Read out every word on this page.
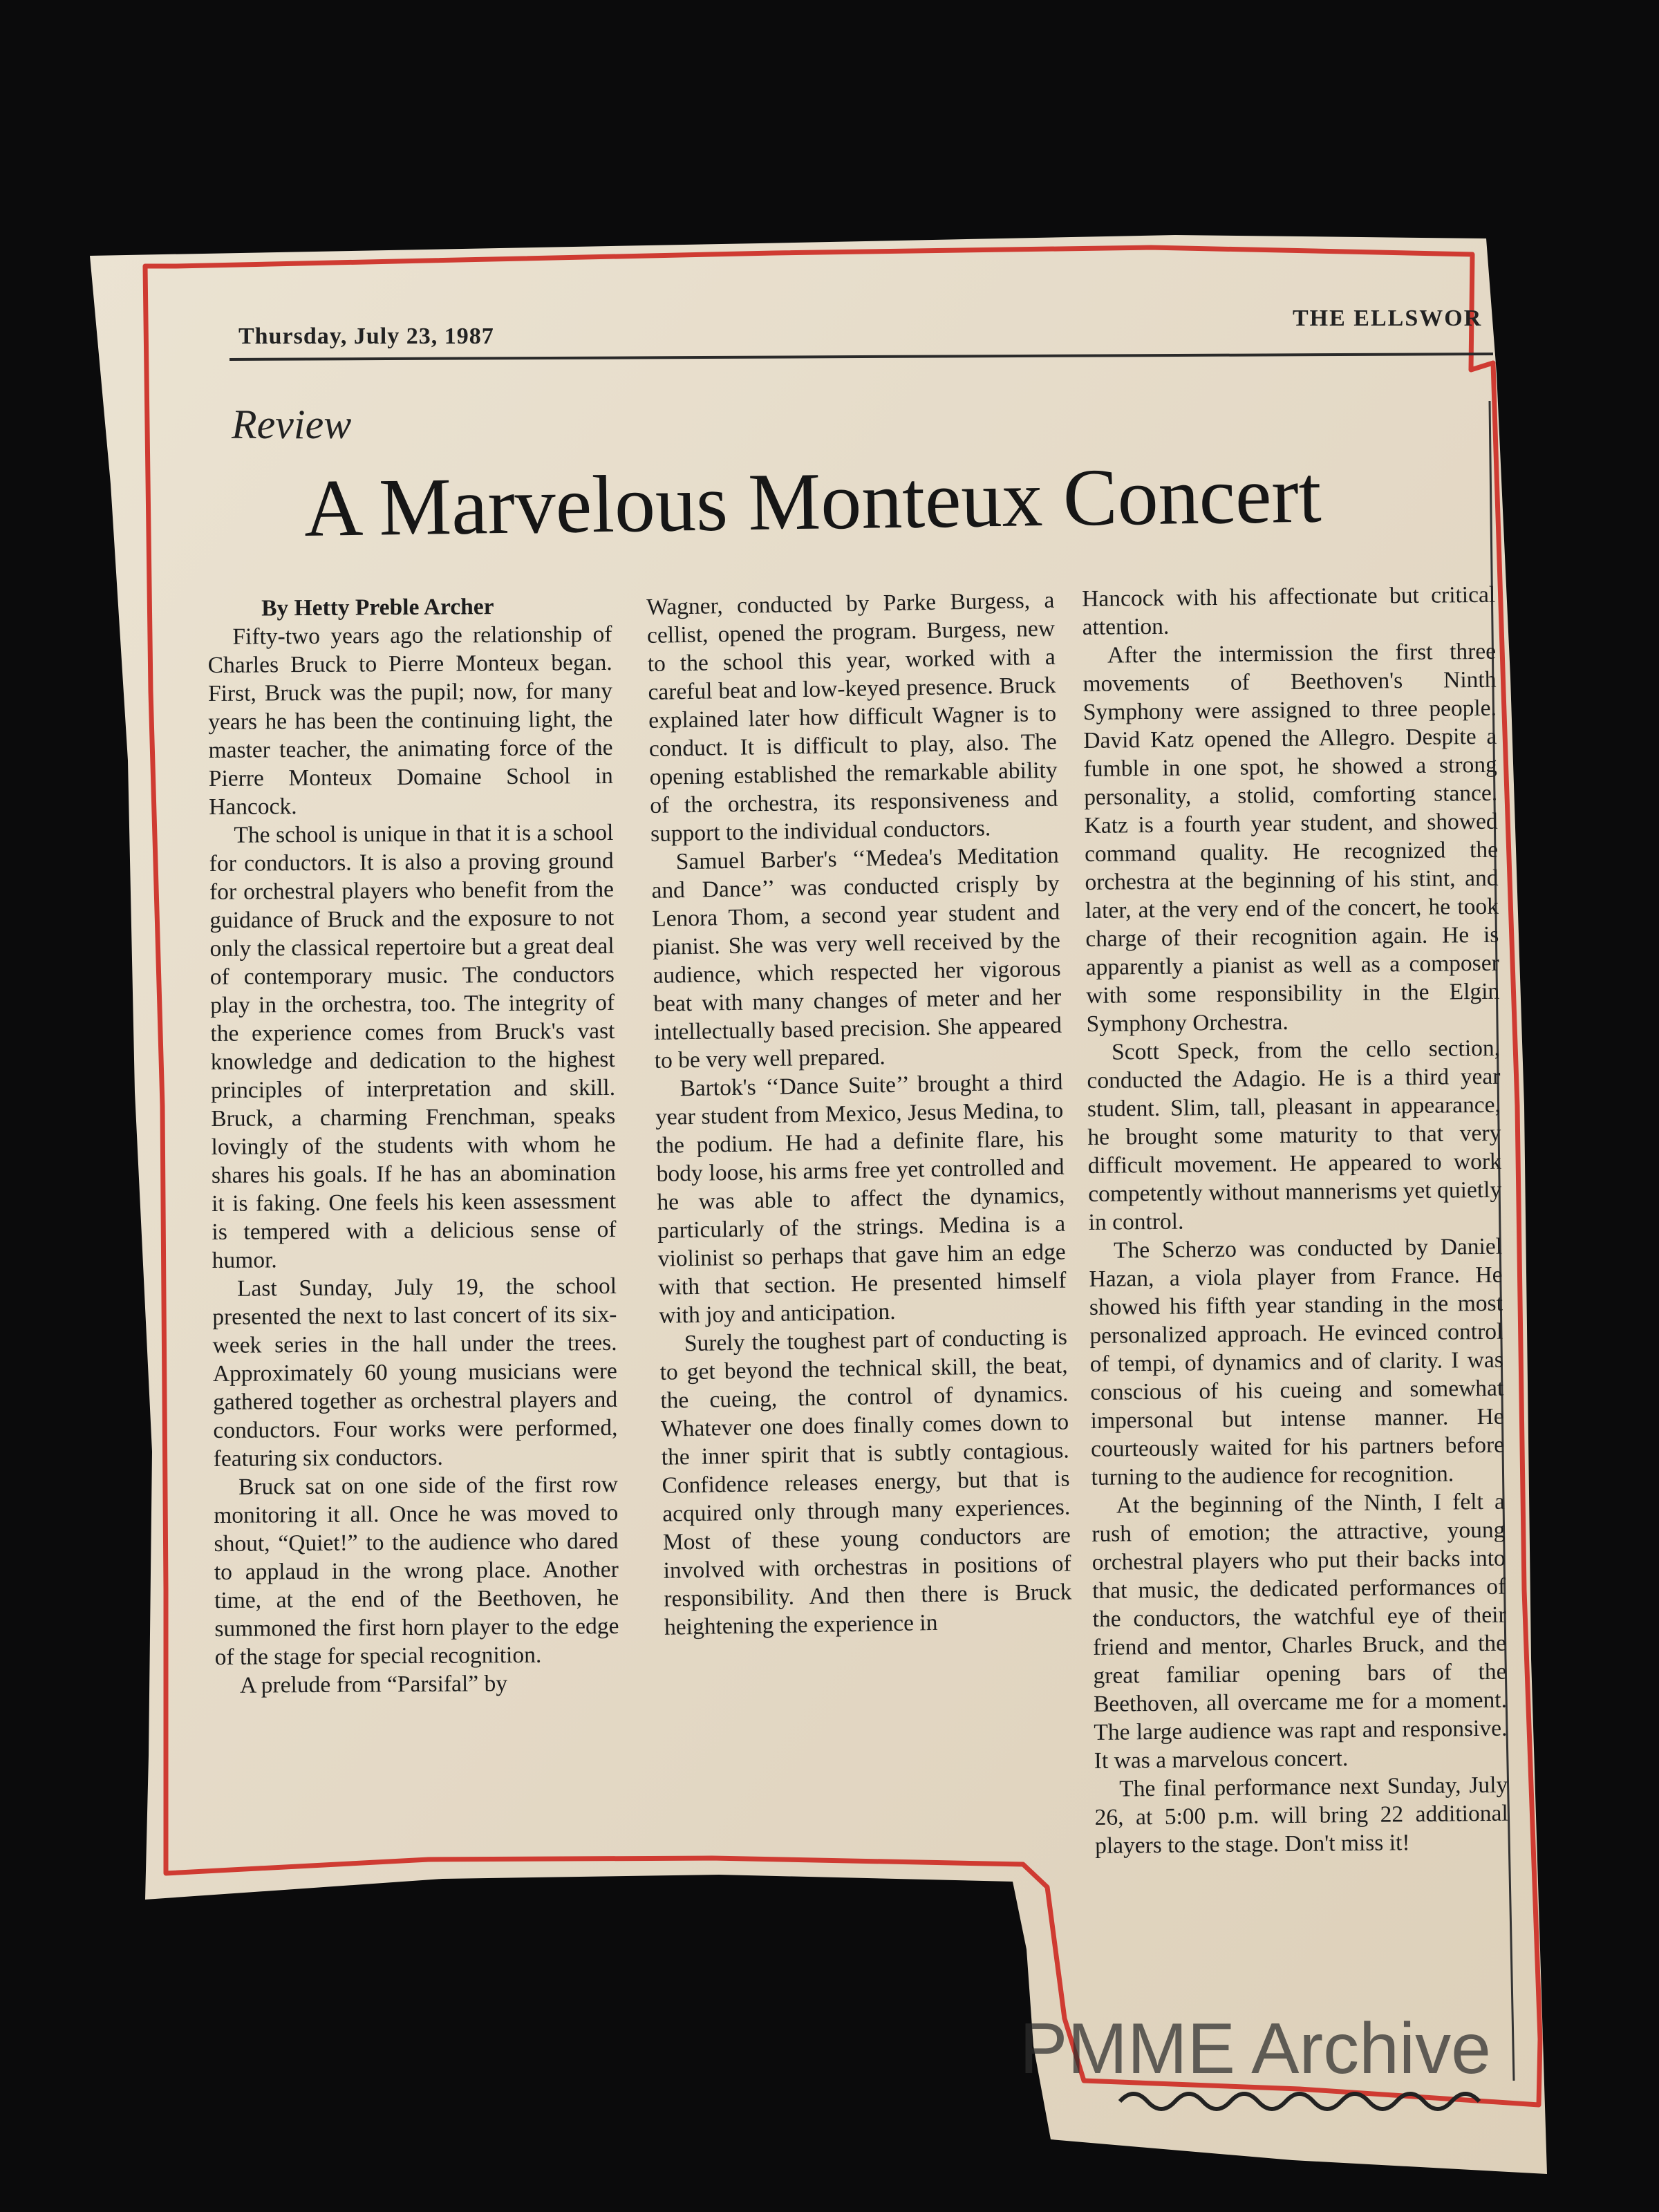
Thursday, July 23, 1987
THE ELLSWOR
Review
A Marvelous Monteux Concert

By Hetty Preble Archer

Fifty-two years ago the relationship of Charles Bruck to Pierre Monteux began. First, Bruck was the pupil; now, for many years he has been the continuing light, the master teacher, the animating force of the Pierre Monteux Domaine School in Hancock.

The school is unique in that it is a school for conductors. It is also a proving ground for orchestral players who benefit from the guidance of Bruck and the exposure to not only the classical repertoire but a great deal of contemporary music. The conductors play in the orchestra, too. The integrity of the experience comes from Bruck's vast knowledge and dedication to the highest principles of interpretation and skill. Bruck, a charming Frenchman, speaks lovingly of the students with whom he shares his goals. If he has an abomination it is faking. One feels his keen assessment is tempered with a delicious sense of humor.

Last Sunday, July 19, the school presented the next to last concert of its six-week series in the hall under the trees. Approximately 60 young musicians were gathered together as orchestral players and conductors. Four works were performed, featuring six conductors.

Bruck sat on one side of the first row monitoring it all. Once he was moved to shout, “Quiet!” to the audience who dared to applaud in the wrong place. Another time, at the end of the Beethoven, he summoned the first horn player to the edge of the stage for special recognition.

A prelude from “Parsifal” by

Wagner, conducted by Parke Burgess, a cellist, opened the program. Burgess, new to the school this year, worked with a careful beat and low-keyed presence. Bruck explained later how difficult Wagner is to conduct. It is difficult to play, also. The opening established the remarkable ability of the orchestra, its responsiveness and support to the individual conductors.

Samuel Barber's ‘‘Medea's Meditation and Dance’’ was conducted crisply by Lenora Thom, a second year student and pianist. She was very well received by the audience, which respected her vigorous beat with many changes of meter and her intellectually based precision. She appeared to be very well prepared.

Bartok's ‘‘Dance Suite’’ brought a third year student from Mexico, Jesus Medina, to the podium. He had a definite flare, his body loose, his arms free yet controlled and he was able to affect the dynamics, particularly of the strings. Medina is a violinist so perhaps that gave him an edge with that section. He presented himself with joy and anticipation.

Surely the toughest part of conducting is to get beyond the technical skill, the beat, the cueing, the control of dynamics. Whatever one does finally comes down to the inner spirit that is subtly contagious. Confidence releases energy, but that is acquired only through many experiences. Most of these young conductors are involved with orchestras in positions of responsibility. And then there is Bruck heightening the experience in

Hancock with his affectionate but critical attention.

After the intermission the first three movements of Beethoven's Ninth Symphony were assigned to three people. David Katz opened the Allegro. Despite a fumble in one spot, he showed a strong personality, a stolid, comforting stance. Katz is a fourth year student, and showed command quality. He recognized the orchestra at the beginning of his stint, and later, at the very end of the concert, he took charge of their recognition again. He is apparently a pianist as well as a composer with some responsibility in the Elgin Symphony Orchestra.

Scott Speck, from the cello section, conducted the Adagio. He is a third year student. Slim, tall, pleasant in appearance, he brought some maturity to that very difficult movement. He appeared to work competently without mannerisms yet quietly in control.

The Scherzo was conducted by Daniel Hazan, a viola player from France. He showed his fifth year standing in the most personalized approach. He evinced control of tempi, of dynamics and of clarity. I was conscious of his cueing and somewhat impersonal but intense manner. He courteously waited for his partners before turning to the audience for recognition.

At the beginning of the Ninth, I felt a rush of emotion; the attractive, young orchestral players who put their backs into that music, the dedicated performances of the conductors, the watchful eye of their friend and mentor, Charles Bruck, and the great familiar opening bars of the Beethoven, all overcame me for a moment. The large audience was rapt and responsive. It was a marvelous concert.

The final performance next Sunday, July 26, at 5:00 p.m. will bring 22 additional players to the stage. Don't miss it!

PMME Archive
